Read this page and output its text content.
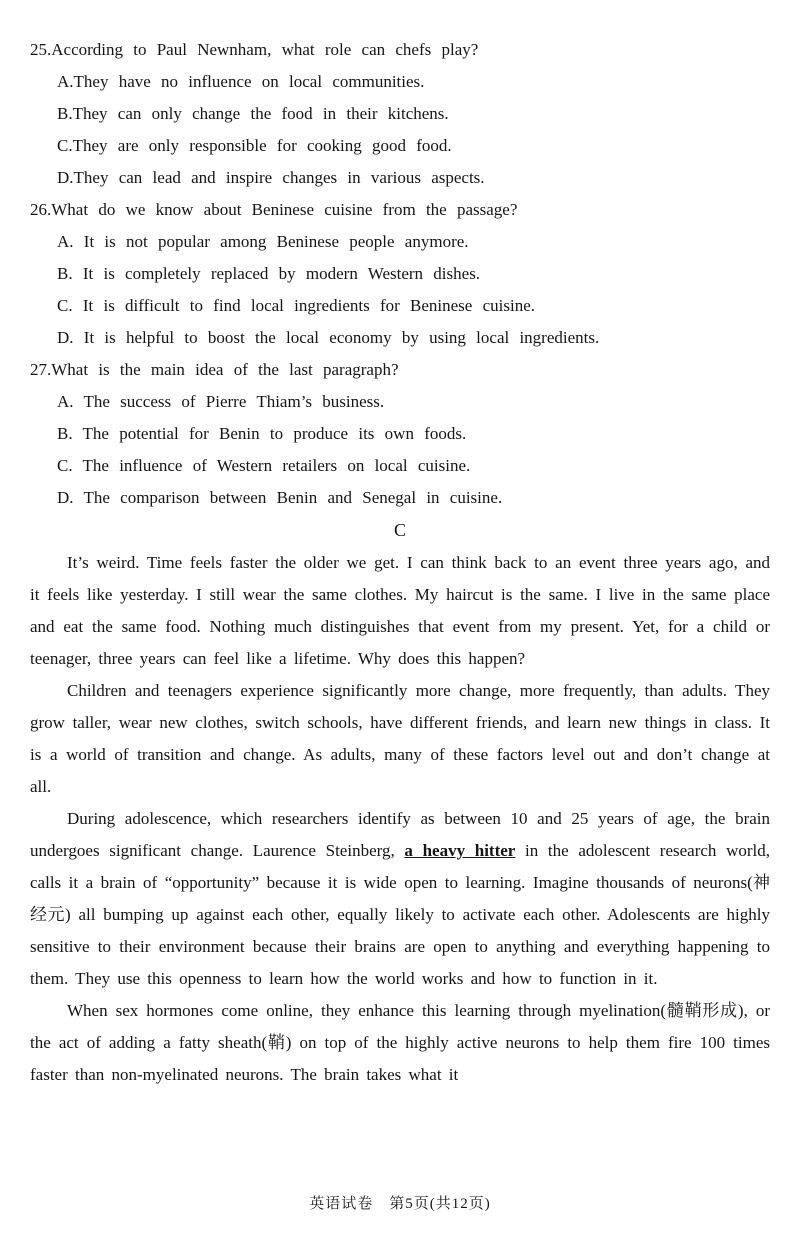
25.According to Paul Newnham, what role can chefs play?
A.They have no influence on local communities.
B.They can only change the food in their kitchens.
C.They are only responsible for cooking good food.
D.They can lead and inspire changes in various aspects.
26.What do we know about Beninese cuisine from the passage?
A. It is not popular among Beninese people anymore.
B. It is completely replaced by modern Western dishes.
C. It is difficult to find local ingredients for Beninese cuisine.
D. It is helpful to boost the local economy by using local ingredients.
27.What is the main idea of the last paragraph?
A. The success of Pierre Thiam’s business.
B. The potential for Benin to produce its own foods.
C. The influence of Western retailers on local cuisine.
D. The comparison between Benin and Senegal in cuisine.
C

It’s weird. Time feels faster the older we get. I can think back to an event three years ago, and it feels like yesterday. I still wear the same clothes. My haircut is the same. I live in the same place and eat the same food. Nothing much distinguishes that event from my present. Yet, for a child or teenager, three years can feel like a lifetime. Why does this happen?

Children and teenagers experience significantly more change, more frequently, than adults. They grow taller, wear new clothes, switch schools, have different friends, and learn new things in class. It is a world of transition and change. As adults, many of these factors level out and don’t change at all.

During adolescence, which researchers identify as between 10 and 25 years of age, the brain undergoes significant change. Laurence Steinberg, a heavy hitter in the adolescent research world, calls it a brain of “opportunity” because it is wide open to learning. Imagine thousands of neurons(神经元) all bumping up against each other, equally likely to activate each other. Adolescents are highly sensitive to their environment because their brains are open to anything and everything happening to them. They use this openness to learn how the world works and how to function in it.

When sex hormones come online, they enhance this learning through myelination(髓鞘形成), or the act of adding a fatty sheath(鞘) on top of the highly active neurons to help them fire 100 times faster than non-myelinated neurons. The brain takes what it

英语试卷　第5页(共12页)
